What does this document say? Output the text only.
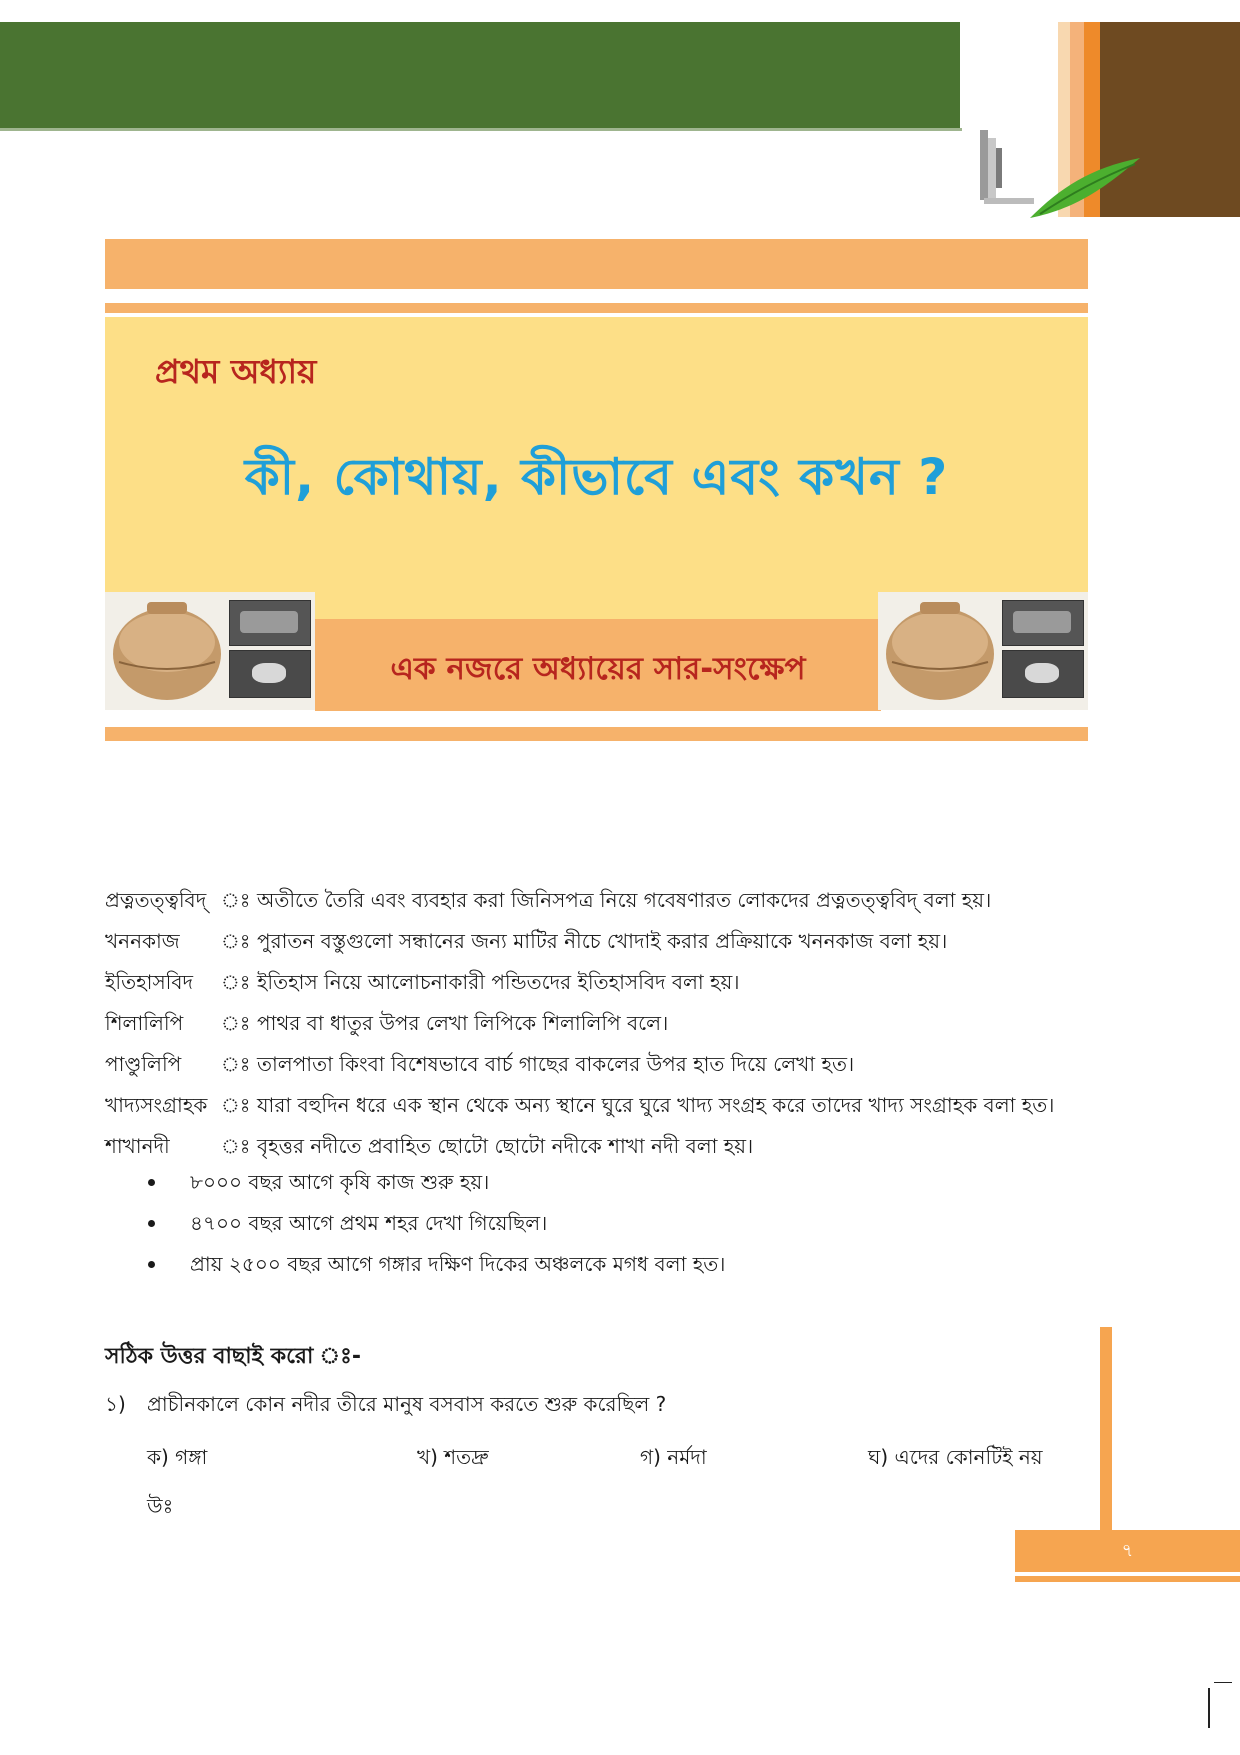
প্রথম অধ্যায়
কী, কোথায়, কীভাবে এবং কখন ?
এক নজরে অধ্যায়ের সার-সংক্ষেপ
প্রত্নতত্ত্ববিদ্ ঃ অতীতে তৈরি এবং ব্যবহার করা জিনিসপত্র নিয়ে গবেষণারত লোকদের প্রত্নতত্ত্ববিদ্ বলা হয়।
খননকাজ ঃ পুরাতন বস্তুগুলো সন্ধানের জন্য মাটির নীচে খোদাই করার প্রক্রিয়াকে খননকাজ বলা হয়।
ইতিহাসবিদ ঃ ইতিহাস নিয়ে আলোচনাকারী পন্ডিতদের ইতিহাসবিদ বলা হয়।
শিলালিপি ঃ পাথর বা ধাতুর উপর লেখা লিপিকে শিলালিপি বলে।
পাণ্ডুলিপি ঃ তালপাতা কিংবা বিশেষভাবে বার্চ গাছের বাকলের উপর হাত দিয়ে লেখা হত।
খাদ্যসংগ্রাহক ঃ যারা বহুদিন ধরে এক স্থান থেকে অন্য স্থানে ঘুরে ঘুরে খাদ্য সংগ্রহ করে তাদের খাদ্য সংগ্রাহক বলা হত।
শাখানদী	ঃ বৃহত্তর নদীতে প্রবাহিত ছোটো ছোটো নদীকে শাখা নদী বলা হয়।
৮০০০ বছর আগে কৃষি কাজ শুরু হয়।
৪৭০০ বছর আগে প্রথম শহর দেখা গিয়েছিল।
প্রায় ২৫০০ বছর আগে গঙ্গার দক্ষিণ দিকের অঞ্চলকে মগধ বলা হত।
সঠিক উত্তর বাছাই করো ঃ-
১) প্রাচীনকালে কোন নদীর তীরে মানুষ বসবাস করতে শুরু করেছিল ?
ক) গঙ্গা	খ) শতদ্রু	গ) নর্মদা	ঘ) এদের কোনটিই নয়
উঃ
৭
